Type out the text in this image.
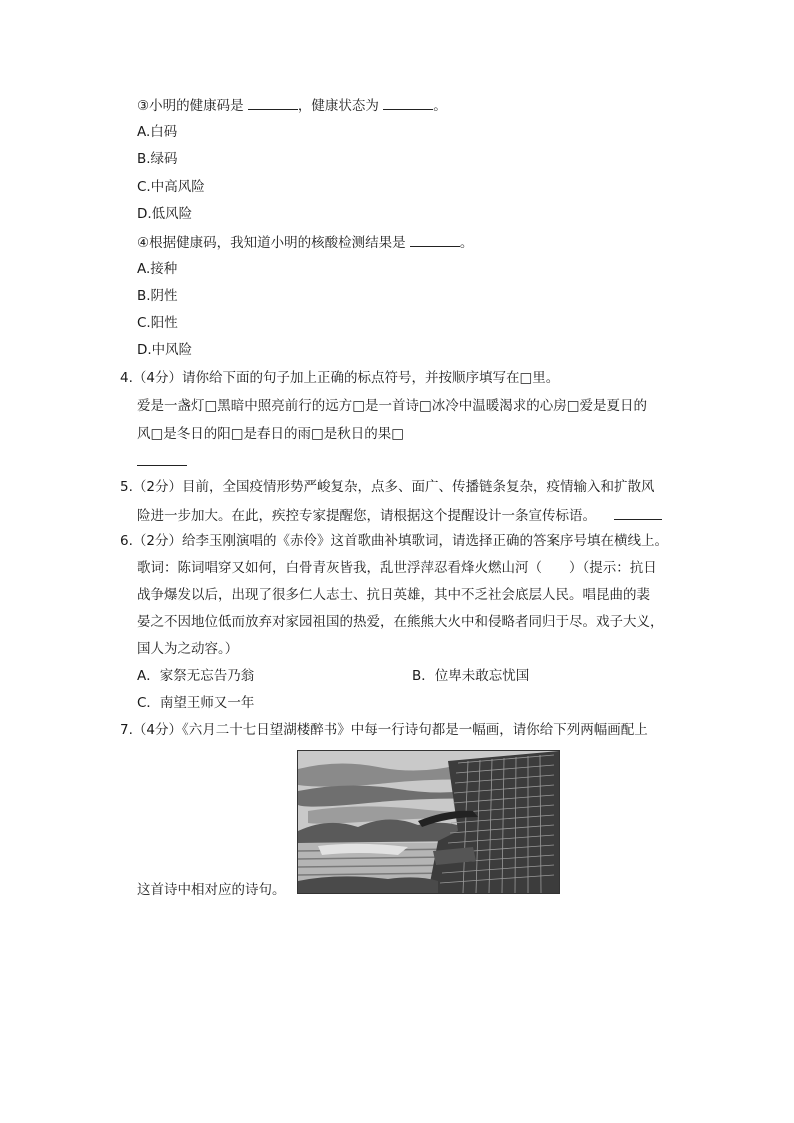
③小明的健康码是	，健康状态为	。
A.白码
B.绿码
C.中高风险
D.低风险
④根据健康码，我知道小明的核酸检测结果是	。
A.接种
B.阴性
C.阳性
D.中风险
4.（4分）请你给下面的句子加上正确的标点符号，并按顺序填写在□里。
爱是一盏灯□黑暗中照亮前行的远方□是一首诗□冰冷中温暖渴求的心房□爱是夏日的
风□是冬日的阳□是春日的雨□是秋日的果□
5.（2分）目前，全国疫情形势严峻复杂，点多、面广、传播链条复杂，疫情输入和扩散风
险进一步加大。在此，疾控专家提醒您，请根据这个提醒设计一条宣传标语。
6.（2分）给李玉刚演唱的《赤伶》这首歌曲补填歌词，请选择正确的答案序号填在横线上。
歌词：陈词唱穿又如何，白骨青灰皆我，乱世浮萍忍看烽火燃山河（　　）（提示：抗日
战争爆发以后，出现了很多仁人志士、抗日英雄，其中不乏社会底层人民。唱昆曲的裴
晏之不因地位低而放弃对家园祖国的热爱，在熊熊大火中和侵略者同归于尽。戏子大义，
国人为之动容。）
A．家祭无忘告乃翁	B．位卑未敢忘忧国
C．南望王师又一年
7.（4分）《六月二十七日望湖楼醉书》中每一行诗句都是一幅画，请你给下列两幅画配上
这首诗中相对应的诗句。
